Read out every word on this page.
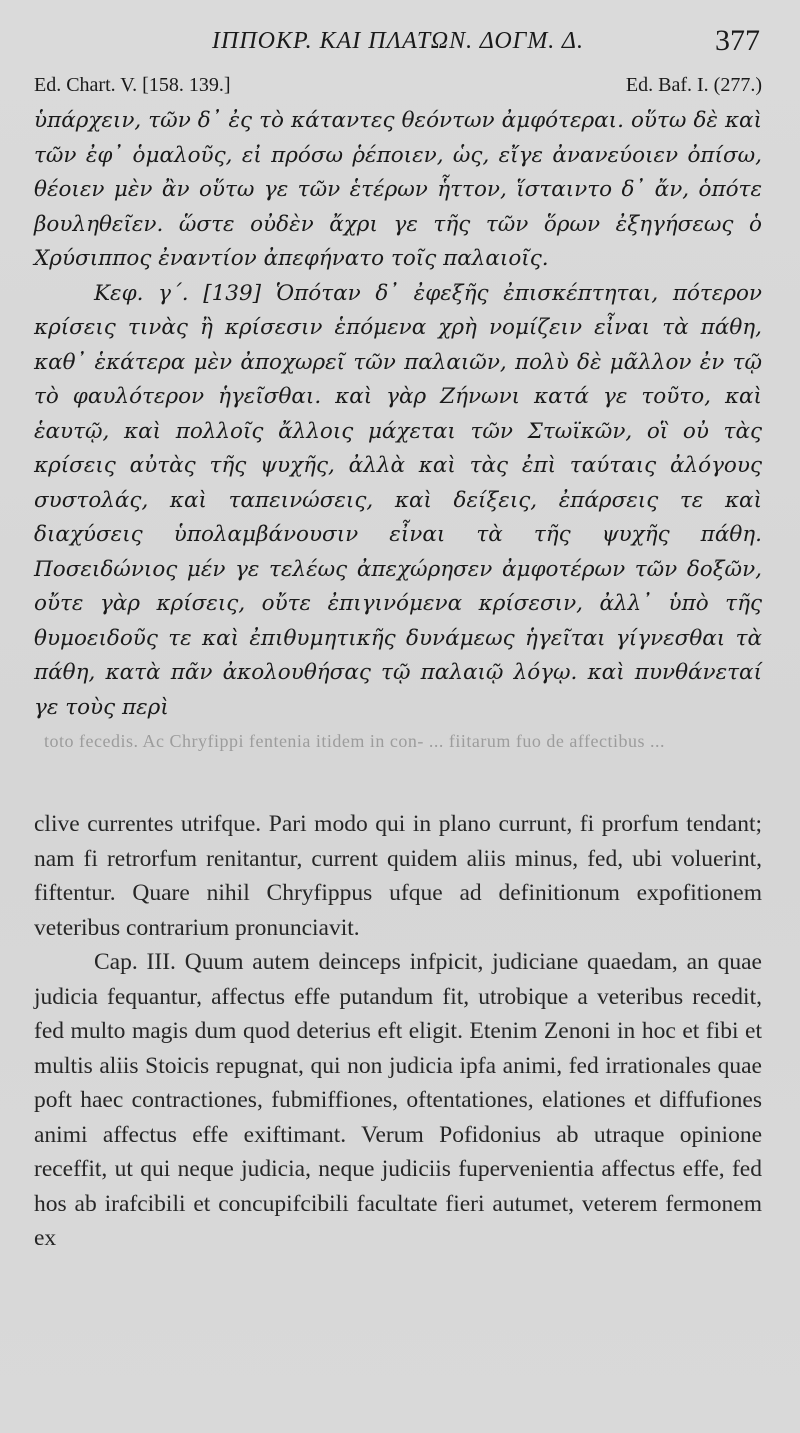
ΙΠΠΟΚΡ. ΚΑΙ ΠΛΑΤΩΝ. ΔΟΓΜ. Δ.	377
Ed. Chart. V. [158. 139.]	Ed. Baf. I. (277.)

ὑπάρχειν, τῶν δ᾽ ἐς τὸ κάταντες θεόντων ἀμφότεραι. οὕτω δὲ καὶ τῶν ἐφ᾽ ὁμαλοῦς, εἰ πρόσω ῥέποιεν, ὡς, εἴγε ἀνανεύοιεν ὀπίσω, θέοιεν μὲν ἂν οὕτω γε τῶν ἑτέρων ἧττον, ἵσταιντο δ᾽ ἄν, ὁπότε βουληθεῖεν. ὥστε οὐδὲν ἄχρι γε τῆς τῶν ὅρων ἐξηγήσεως ὁ Χρύσιππος ἐναντίον ἀπεφήνατο τοῖς παλαιοῖς.

Κεφ. γ΄. [139] Ὁπόταν δ᾽ ἐφεξῆς ἐπισκέπτηται, πότερον κρίσεις τινὰς ἢ κρίσεσιν ἑπόμενα χρὴ νομίζειν εἶναι τὰ πάθη, καθ᾽ ἑκάτερα μὲν ἀποχωρεῖ τῶν παλαιῶν, πολὺ δὲ μᾶλλον ἐν τῷ τὸ φαυλότερον ἡγεῖσθαι. καὶ γὰρ Ζήνωνι κατά γε τοῦτο, καὶ ἑαυτῷ, καὶ πολλοῖς ἄλλοις μάχεται τῶν Στωϊκῶν, οἳ οὐ τὰς κρίσεις αὐτὰς τῆς ψυχῆς, ἀλλὰ καὶ τὰς ἐπὶ ταύταις ἀλόγους συστολάς, καὶ ταπεινώσεις, καὶ δείξεις, ἐπάρσεις τε καὶ διαχύσεις ὑπολαμβάνουσιν εἶναι τὰ τῆς ψυχῆς πάθη. Ποσειδώνιος μέν γε τελέως ἀπεχώρησεν ἀμφοτέρων τῶν δοξῶν, οὔτε γὰρ κρίσεις, οὔτε ἐπιγινόμενα κρίσεσιν, ἀλλ᾽ ὑπὸ τῆς θυμοειδοῦς τε καὶ ἐπιθυμητικῆς δυνάμεως ἡγεῖται γίγνεσθαι τὰ πάθη, κατὰ πᾶν ἀκολουθήσας τῷ παλαιῷ λόγῳ. καὶ πυνθάνεταί γε τοὺς περὶ

toto fecedis. Ac Chryfippi fentenia itidem in con- ... fiitarum fuo de affectibus ...

clive currentes utrifque. Pari modo qui in plano currunt, fi prorfum tendant; nam fi retrorfum renitantur, current quidem aliis minus, fed, ubi voluerint, fiftentur. Quare nihil Chryfippus ufque ad definitionum expofitionem veteribus contrarium pronunciavit.

Cap. III. Quum autem deinceps infpicit, judiciane quaedam, an quae judicia fequantur, affectus effe putandum fit, utrobique a veteribus recedit, fed multo magis dum quod deterius eft eligit. Etenim Zenoni in hoc et fibi et multis aliis Stoicis repugnat, qui non judicia ipfa animi, fed irrationales quae poft haec contractiones, fubmiffiones, oftentationes, elationes et diffufiones animi affectus effe exiftimant. Verum Pofidonius ab utraque opinione receffit, ut qui neque judicia, neque judiciis fupervenientia affectus effe, fed hos ab irafcibili et concupifcibili facultate fieri autumet, veterem fermonem ex
